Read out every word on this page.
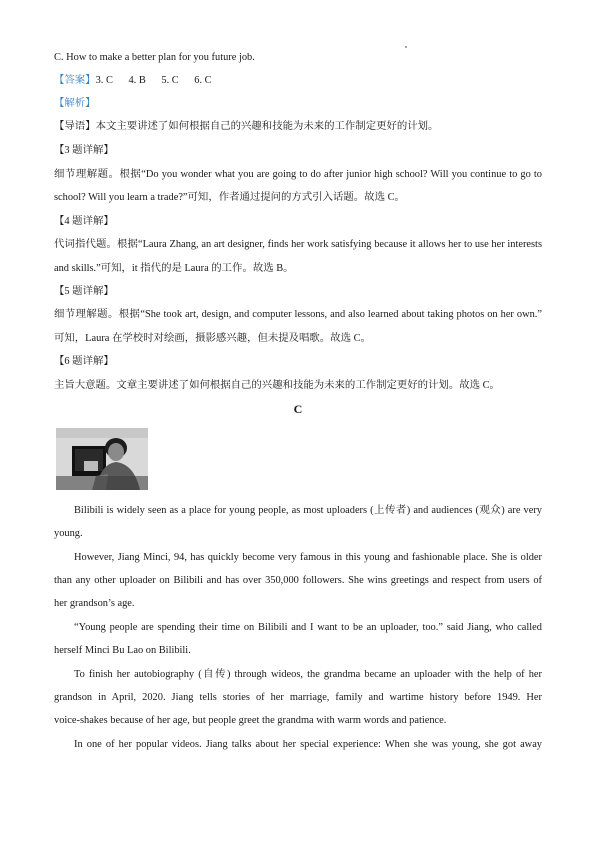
C. How to make a better plan for you future job.
【答案】3. C      4. B      5. C      6. C
【解析】
【导语】本文主要讲述了如何根据自己的兴趣和技能为未来的工作制定更好的计划。
【3 题详解】
细节理解题。根据“Do you wonder what you are going to do after junior high school? Will you continue to go to
school? Will you learn a trade?”可知，作者通过提问的方式引入话题。故选 C。
【4 题详解】
代词指代题。根据“Laura Zhang, an art designer, finds her work satisfying because it allows her to use her interests
and skills.”可知，it 指代的是 Laura 的工作。故选 B。
【5 题详解】
细节理解题。根据“She took art, design, and computer lessons, and also learned about taking photos on her own.”
可知，Laura 在学校时对绘画，摄影感兴趣，但未提及唱歌。故选 C。
【6 题详解】
主旨大意题。文章主要讲述了如何根据自己的兴趣和技能为未来的工作制定更好的计划。故选 C。
C
Bilibili is widely seen as a place for young people, as most uploaders (上传者) and audiences (观众) are very
young.
However, Jiang Minci, 94, has quickly become very famous in this young and fashionable place. She is older
than any other uploader on Bilibili and has over 350,000 followers. She wins greetings and respect from users of
her grandson’s age.
“Young people are spending their time on Bilibili and I want to be an uploader, too.” said Jiang, who called
herself Minci Bu Lao on Bilibili.
To finish her autobiography (自传) through wideos, the grandma became an uploader with the help of her
grandson in April, 2020. Jiang tells stories of her marriage, family and wartime history before 1949. Her
voice-shakes because of her age, but people greet the grandma with warm words and patience.
In one of her popular videos. Jiang talks about her special experience: When she was young, she got away
